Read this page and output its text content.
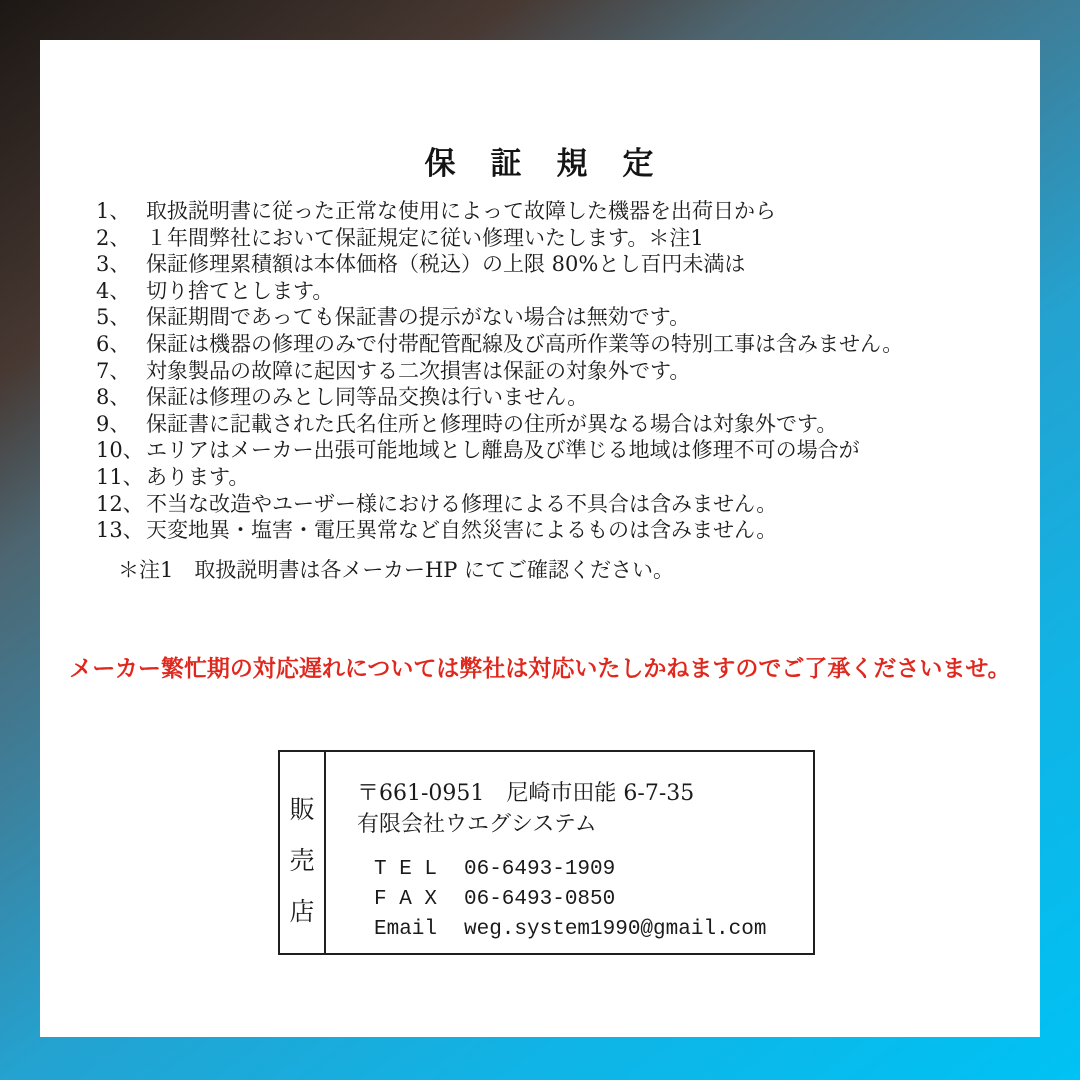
保　証　規　定
1、 取扱説明書に従った正常な使用によって故障した機器を出荷日から
2、 １年間弊社において保証規定に従い修理いたします。＊注1
3、 保証修理累積額は本体価格（税込）の上限 80%とし百円未満は
4、 切り捨てとします。
5、 保証期間であっても保証書の提示がない場合は無効です。
6、 保証は機器の修理のみで付帯配管配線及び高所作業等の特別工事は含みません。
7、 対象製品の故障に起因する二次損害は保証の対象外です。
8、 保証は修理のみとし同等品交換は行いません。
9、 保証書に記載された氏名住所と修理時の住所が異なる場合は対象外です。
10、 エリアはメーカー出張可能地域とし離島及び準じる地域は修理不可の場合が
11、 あります。
12、 不当な改造やユーザー様における修理による不具合は含みません。
13、 天変地異・塩害・電圧異常など自然災害によるものは含みません。
＊注1　取扱説明書は各メーカーHP にてご確認ください。
メーカー繁忙期の対応遅れについては弊社は対応いたしかねますのでご了承くださいませ。
販
売
店
〒661-0951　尼崎市田能 6-7-35
有限会社ウエグシステム
T E L	06-6493-1909
F A X	06-6493-0850
Email	weg.system1990@gmail.com
